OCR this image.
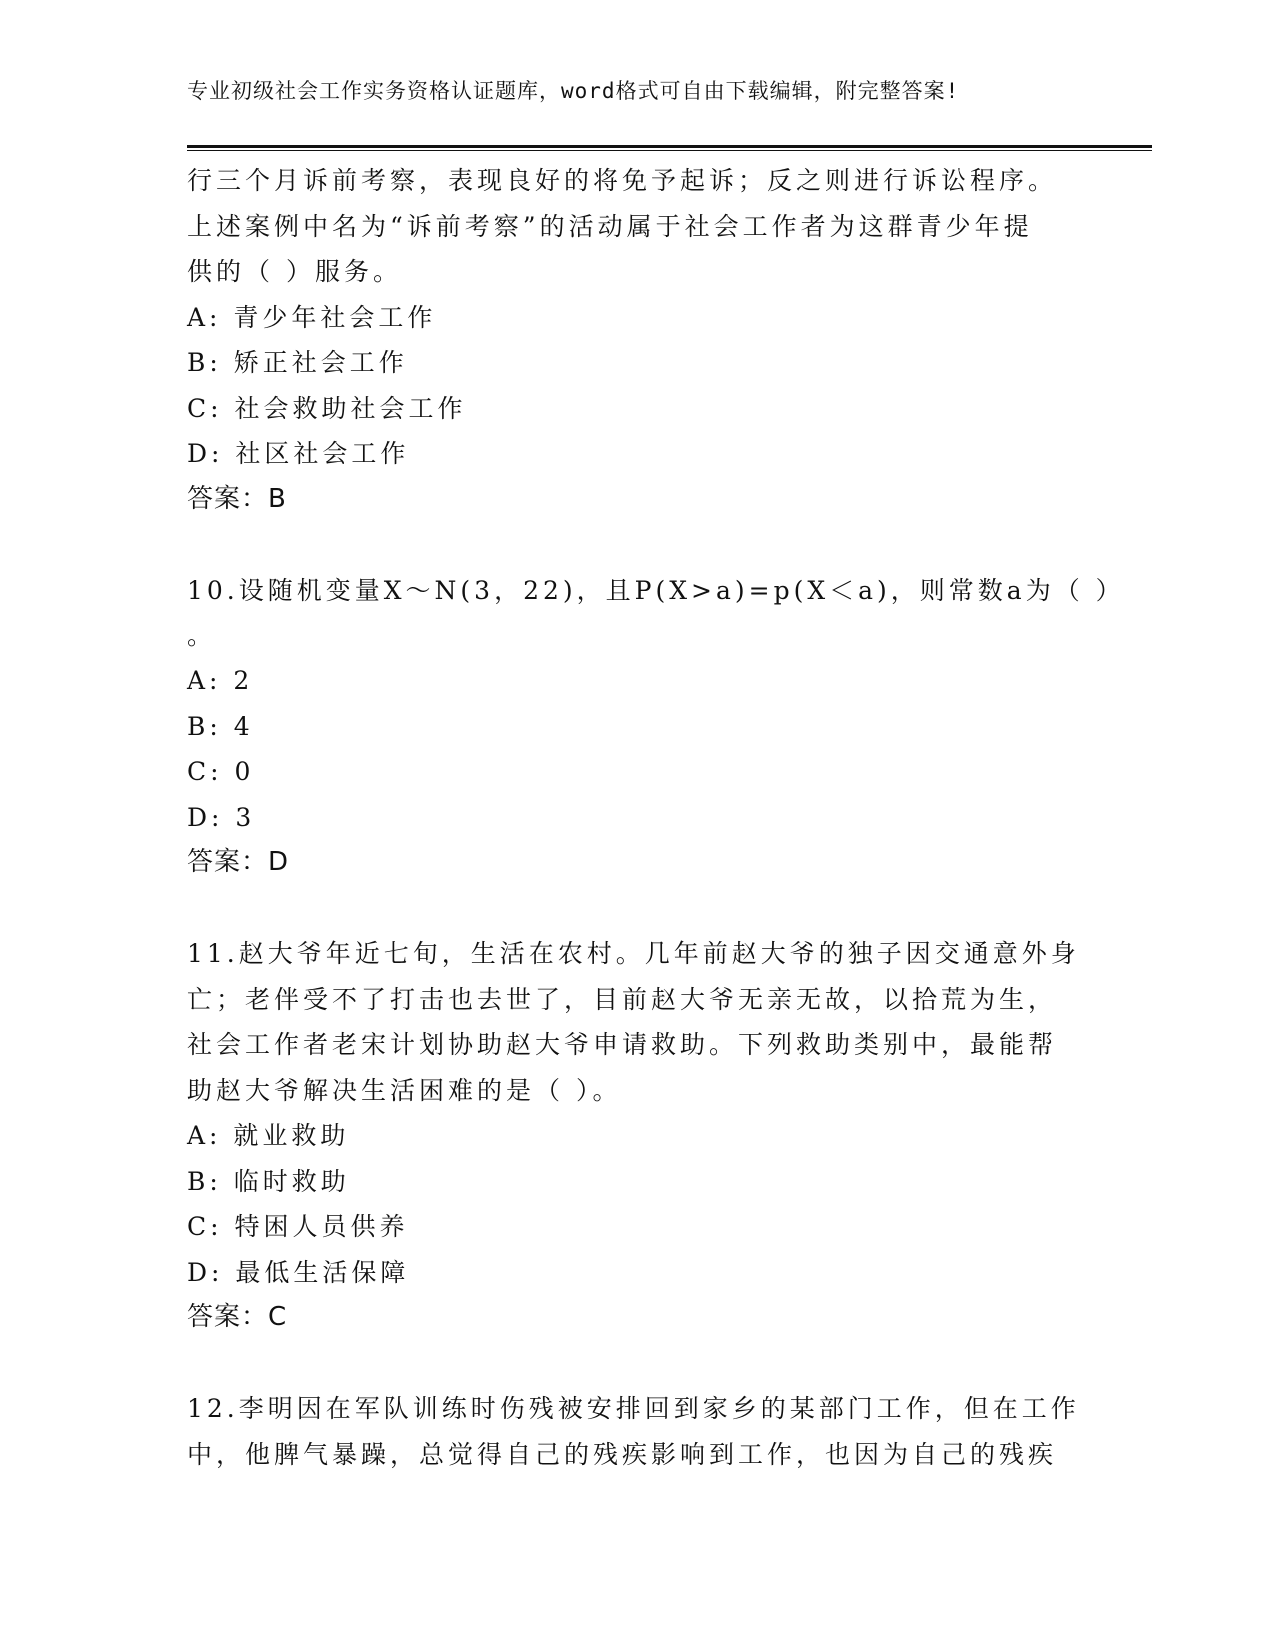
专业初级社会工作实务资格认证题库，word格式可自由下载编辑，附完整答案!
行三个月诉前考察，表现良好的将免予起诉；反之则进行诉讼程序。
上述案例中名为“诉前考察”的活动属于社会工作者为这群青少年提
供的（ ）服务。
A: 青少年社会工作
B: 矫正社会工作
C: 社会救助社会工作
D: 社区社会工作
答案：B
10.设随机变量X～N(3，22)，且P(X>a)=p(X＜a)，则常数a为（ ）
。
A: 2
B: 4
C: 0
D: 3
答案：D
11.赵大爷年近七旬，生活在农村。几年前赵大爷的独子因交通意外身
亡；老伴受不了打击也去世了，目前赵大爷无亲无故，以拾荒为生，
社会工作者老宋计划协助赵大爷申请救助。下列救助类别中，最能帮
助赵大爷解决生活困难的是（ ）。
A: 就业救助
B: 临时救助
C: 特困人员供养
D: 最低生活保障
答案：C
12.李明因在军队训练时伤残被安排回到家乡的某部门工作，但在工作
中，他脾气暴躁，总觉得自己的残疾影响到工作，也因为自己的残疾
